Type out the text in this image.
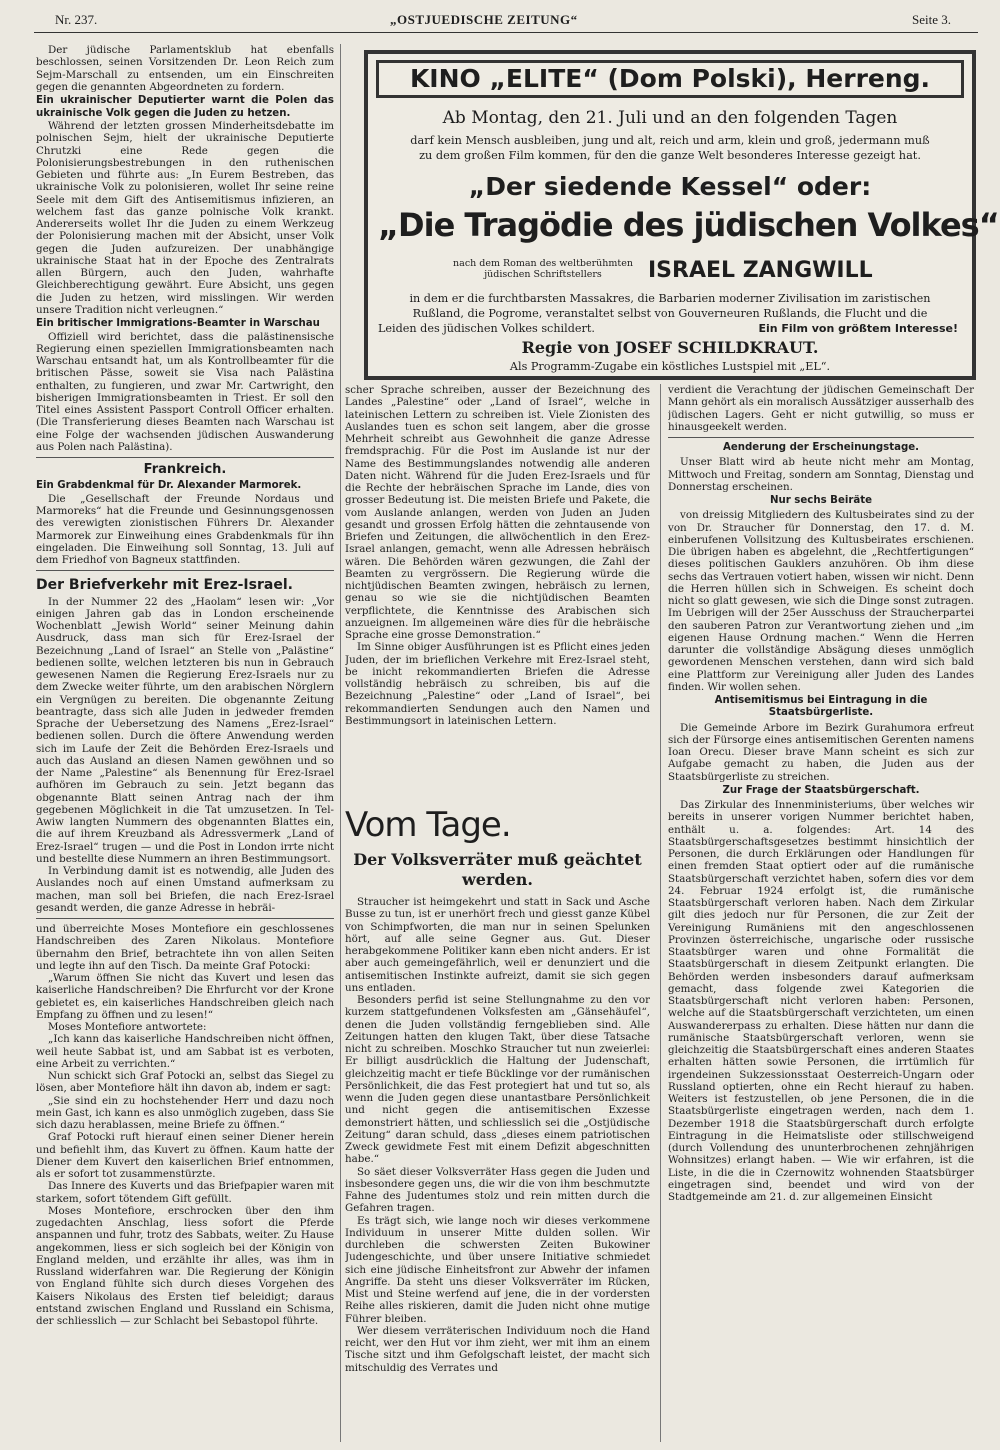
Nr. 237.	„OSTJUEDISCHE ZEITUNG“	Seite 3.
KINO „ELITE“ (Dom Polski), Herreng.
Ab Montag, den 21. Juli und an den folgenden Tagen
darf kein Mensch ausbleiben, jung und alt, reich und arm, klein und groß, jedermann muß
zu dem großen Film kommen, für den die ganze Welt besonderes Interesse gezeigt hat.
„Der siedende Kessel“ oder:
„Die Tragödie des jüdischen Volkes“
nach dem Roman des weltberühmten
jüdischen Schriftstellers	ISRAEL ZANGWILL
in dem er die furchtbarsten Massakres, die Barbarien moderner Zivilisation im zaristischen
Rußland, die Pogrome, veranstaltet selbst von Gouverneuren Rußlands, die Flucht und die
Leiden des jüdischen Volkes schildert.	Ein Film von größtem Interesse!
Regie von JOSEF SCHILDKRAUT.
Als Programm-Zugabe ein köstliches Lustspiel mit „EL“.

Der jüdische Parlamentsklub hat ebenfalls beschlossen, seinen Vorsitzenden Dr. Leon Reich zum Sejm-Marschall zu entsenden, um ein Einschreiten gegen die genannten Abgeordneten zu fordern.

Ein ukrainischer Deputierter warnt die Polen das ukrainische Volk gegen die Juden zu hetzen.

Während der letzten grossen Minderheitsdebatte im polnischen Sejm, hielt der ukrainische Deputierte Chrutzki eine Rede gegen die Polonisierungsbestrebungen in den ruthenischen Gebieten und führte aus: „In Eurem Bestreben, das ukrainische Volk zu polonisieren, wollet Ihr seine reine Seele mit dem Gift des Antisemitismus infizieren, an welchem fast das ganze polnische Volk krankt. Andererseits wollet Ihr die Juden zu einem Werkzeug der Polonisierung machen mit der Absicht, unser Volk gegen die Juden aufzureizen. Der unabhängige ukrainische Staat hat in der Epoche des Zentralrats allen Bürgern, auch den Juden, wahrhafte Gleichberechtigung gewährt. Eure Absicht, uns gegen die Juden zu hetzen, wird misslingen. Wir werden unsere Tradition nicht verleugnen.“

Ein britischer Immigrations-Beamter in Warschau

Offiziell wird berichtet, dass die palästinensische Regierung einen speziellen Immigrationsbeamten nach Warschau entsandt hat, um als Kontrollbeamter für die britischen Pässe, soweit sie Visa nach Palästina enthalten, zu fungieren, und zwar Mr. Cartwright, den bisherigen Immigrationsbeamten in Triest. Er soll den Titel eines Assistent Passport Controll Officer erhalten. (Die Transferierung dieses Beamten nach Warschau ist eine Folge der wachsenden jüdischen Auswanderung aus Polen nach Palästina).

Frankreich.
Ein Grabdenkmal für Dr. Alexander Marmorek.

Die „Gesellschaft der Freunde Nordaus und Marmoreks“ hat die Freunde und Gesinnungsgenossen des verewigten zionistischen Führers Dr. Alexander Marmorek zur Einweihung eines Grabdenkmals für ihn eingeladen. Die Einweihung soll Sonntag, 13. Juli auf dem Friedhof von Bagneux stattfinden.

Der Briefverkehr mit Erez-Israel.

In der Nummer 22 des „Haolam“ lesen wir: „Vor einigen Jahren gab das in London erscheinende Wochenblatt „Jewish World“ seiner Meinung dahin Ausdruck, dass man sich für Erez-Israel der Bezeichnung „Land of Israel“ an Stelle von „Palästine“ bedienen sollte, welchen letzteren bis nun in Gebrauch gewesenen Namen die Regierung Erez-Israels nur zu dem Zwecke weiter führte, um den arabischen Nörglern ein Vergnügen zu bereiten. Die obgenannte Zeitung beantragte, dass sich alle Juden in jedweder fremden Sprache der Uebersetzung des Namens „Erez-Israel“ bedienen sollen. Durch die öftere Anwendung werden sich im Laufe der Zeit die Behörden Erez-Israels und auch das Ausland an diesen Namen gewöhnen und so der Name „Palestine“ als Benennung für Erez-Israel aufhören im Gebrauch zu sein. Jetzt begann das obgenannte Blatt seinen Antrag nach der ihm gegebenen Möglichkeit in die Tat umzusetzen. In Tel-Awiw langten Nummern des obgenannten Blattes ein, die auf ihrem Kreuzband als Adressvermerk „Land of Erez-Israel“ trugen — und die Post in London irrte nicht und bestellte diese Nummern an ihren Bestimmungsort.

In Verbindung damit ist es notwendig, alle Juden des Auslandes noch auf einen Umstand aufmerksam zu machen, man soll bei Briefen, die nach Erez-Israel gesandt werden, die ganze Adresse in hebräi-

und überreichte Moses Montefiore ein geschlossenes Handschreiben des Zaren Nikolaus. Montefiore übernahm den Brief, betrachtete ihn von allen Seiten und legte ihn auf den Tisch. Da meinte Graf Potocki:

„Warum öffnen Sie nicht das Kuvert und lesen das kaiserliche Handschreiben? Die Ehrfurcht vor der Krone gebietet es, ein kaiserliches Handschreiben gleich nach Empfang zu öffnen und zu lesen!“

Moses Montefiore antwortete:

„Ich kann das kaiserliche Handschreiben nicht öffnen, weil heute Sabbat ist, und am Sabbat ist es verboten, eine Arbeit zu verrichten.“

Nun schickt sich Graf Potocki an, selbst das Siegel zu lösen, aber Montefiore hält ihn davon ab, indem er sagt:

„Sie sind ein zu hochstehender Herr und dazu noch mein Gast, ich kann es also unmöglich zugeben, dass Sie sich dazu herablassen, meine Briefe zu öffnen.“

Graf Potocki ruft hierauf einen seiner Diener herein und befiehlt ihm, das Kuvert zu öffnen. Kaum hatte der Diener dem Kuvert den kaiserlichen Brief entnommen, als er sofort tot zusammenstürzte.

Das Innere des Kuverts und das Briefpapier waren mit starkem, sofort tötendem Gift gefüllt.

Moses Montefiore, erschrocken über den ihm zugedachten Anschlag, liess sofort die Pferde anspannen und fuhr, trotz des Sabbats, weiter. Zu Hause angekommen, liess er sich sogleich bei der Königin von England melden, und erzählte ihr alles, was ihm in Russland widerfahren war. Die Regierung der Königin von England fühlte sich durch dieses Vorgehen des Kaisers Nikolaus des Ersten tief beleidigt; daraus entstand zwischen England und Russland ein Schisma, der schliesslich — zur Schlacht bei Sebastopol führte.

scher Sprache schreiben, ausser der Bezeichnung des Landes „Palestine“ oder „Land of Israel“, welche in lateinischen Lettern zu schreiben ist. Viele Zionisten des Auslandes tuen es schon seit langem, aber die grosse Mehrheit schreibt aus Gewohnheit die ganze Adresse fremdsprachig. Für die Post im Auslande ist nur der Name des Bestimmungslandes notwendig alle anderen Daten nicht. Während für die Juden Erez-Israels und für die Rechte der hebräischen Sprache im Lande, dies von grosser Bedeutung ist. Die meisten Briefe und Pakete, die vom Auslande anlangen, werden von Juden an Juden gesandt und grossen Erfolg hätten die zehntausende von Briefen und Zeitungen, die allwöchentlich in den Erez-Israel anlangen, gemacht, wenn alle Adressen hebräisch wären. Die Behörden wären gezwungen, die Zahl der Beamten zu vergrössern. Die Regierung würde die nichtjüdischen Beamten zwingen, hebräisch zu lernen, genau so wie sie die nichtjüdischen Beamten verpflichtete, die Kenntnisse des Arabischen sich anzueignen. Im allgemeinen wäre dies für die hebräische Sprache eine grosse Demonstration.“

Im Sinne obiger Ausführungen ist es Pflicht eines jeden Juden, der im brieflichen Verkehre mit Erez-Israel steht, be inicht rekommandierten Briefen die Adresse vollständig hebräisch zu schreiben, bis auf die Bezeichnung „Palestine“ oder „Land of Israel“, bei rekommandierten Sendungen auch den Namen und Bestimmungsort in lateinischen Lettern.

Vom Tage.
Der Volksverräter muß geächtet werden.

Straucher ist heimgekehrt und statt in Sack und Asche Busse zu tun, ist er unerhört frech und giesst ganze Kübel von Schimpfworten, die man nur in seinen Spelunken hört, auf alle seine Gegner aus. Gut. Dieser herabgekommene Politiker kann eben nicht anders. Er ist aber auch gemeingefährlich, weil er denunziert und die antisemitischen Instinkte aufreizt, damit sie sich gegen uns entladen.

Besonders perfid ist seine Stellungnahme zu den vor kurzem stattgefundenen Volksfesten am „Gänsehäufel“, denen die Juden vollständig ferngeblieben sind. Alle Zeitungen hatten den klugen Takt, über diese Tatsache nicht zu schreiben. Moschko Straucher tut nun zweierlei: Er billigt ausdrücklich die Haltung der Judenschaft, gleichzeitig macht er tiefe Bücklinge vor der rumänischen Persönlichkeit, die das Fest protegiert hat und tut so, als wenn die Juden gegen diese unantastbare Persönlichkeit und nicht gegen die antisemitischen Exzesse demonstriert hätten, und schliesslich sei die „Ostjüdische Zeitung“ daran schuld, dass „dieses einem patriotischen Zweck gewidmete Fest mit einem Defizit abgeschnitten habe.“

So säet dieser Volksverräter Hass gegen die Juden und insbesondere gegen uns, die wir die von ihm beschmutzte Fahne des Judentumes stolz und rein mitten durch die Gefahren tragen.

Es trägt sich, wie lange noch wir dieses verkommene Individuum in unserer Mitte dulden sollen. Wir durchleben die schwersten Zeiten Bukowiner Judengeschichte, und über unsere Initiative schmiedet sich eine jüdische Einheitsfront zur Abwehr der infamen Angriffe. Da steht uns dieser Volksverräter im Rücken, Mist und Steine werfend auf jene, die in der vordersten Reihe alles riskieren, damit die Juden nicht ohne mutige Führer bleiben.

Wer diesem verräterischen Individuum noch die Hand reicht, wer den Hut vor ihm zieht, wer mit ihm an einem Tische sitzt und ihm Gefolgschaft leistet, der macht sich mitschuldig des Verrates und

verdient die Verachtung der jüdischen Gemeinschaft Der Mann gehört als ein moralisch Aussätziger ausserhalb des jüdischen Lagers. Geht er nicht gutwillig, so muss er hinausgeekelt werden.

Aenderung der Erscheinungstage.

Unser Blatt wird ab heute nicht mehr am Montag, Mittwoch und Freitag, sondern am Sonntag, Dienstag und Donnerstag erscheinen.

Nur sechs Beiräte

von dreissig Mitgliedern des Kultusbeirates sind zu der von Dr. Straucher für Donnerstag, den 17. d. M. einberufenen Vollsitzung des Kultusbeirates erschienen. Die übrigen haben es abgelehnt, die „Rechtfertigungen“ dieses politischen Gauklers anzuhören. Ob ihm diese sechs das Vertrauen votiert haben, wissen wir nicht. Denn die Herren hüllen sich in Schweigen. Es scheint doch nicht so glatt gewesen, wie sich die Dinge sonst zutragen. Im Uebrigen will der 25er Ausschuss der Straucherpartei den sauberen Patron zur Verantwortung ziehen und „im eigenen Hause Ordnung machen.“ Wenn die Herren darunter die vollständige Absägung dieses unmöglich gewordenen Menschen verstehen, dann wird sich bald eine Plattform zur Vereinigung aller Juden des Landes finden. Wir wollen sehen.

Antisemitismus bei Eintragung in die Staatsbürgerliste.

Die Gemeinde Arbore im Bezirk Gurahumora erfreut sich der Fürsorge eines antisemitischen Gerenten namens Ioan Orecu. Dieser brave Mann scheint es sich zur Aufgabe gemacht zu haben, die Juden aus der Staatsbürgerliste zu streichen.

Zur Frage der Staatsbürgerschaft.

Das Zirkular des Innenministeriums, über welches wir bereits in unserer vorigen Nummer berichtet haben, enthält u. a. folgendes: Art. 14 des Staatsbürgerschaftsgesetzes bestimmt hinsichtlich der Personen, die durch Erklärungen oder Handlungen für einen fremden Staat optiert oder auf die rumänische Staatsbürgerschaft verzichtet haben, sofern dies vor dem 24. Februar 1924 erfolgt ist, die rumänische Staatsbürgerschaft verloren haben. Nach dem Zirkular gilt dies jedoch nur für Personen, die zur Zeit der Vereinigung Rumäniens mit den angeschlossenen Provinzen österreichische, ungarische oder russische Staatsbürger waren und ohne Formalität die Staatsbürgerschaft in diesem Zeitpunkt erlangten. Die Behörden werden insbesonders darauf aufmerksam gemacht, dass folgende zwei Kategorien die Staatsbürgerschaft nicht verloren haben: Personen, welche auf die Staatsbürgerschaft verzichteten, um einen Auswandererpass zu erhalten. Diese hätten nur dann die rumänische Staatsbürgerschaft verloren, wenn sie gleichzeitig die Staatsbürgerschaft eines anderen Staates erhalten hätten sowie Personen, die irrtümlich für irgendeinen Sukzessionsstaat Oesterreich-Ungarn oder Russland optierten, ohne ein Recht hierauf zu haben. Weiters ist festzustellen, ob jene Personen, die in die Staatsbürgerliste eingetragen werden, nach dem 1. Dezember 1918 die Staatsbürgerschaft durch erfolgte Eintragung in die Heimatsliste oder stillschweigend (durch Vollendung des ununterbrochenen zehnjährigen Wohnsitzes) erlangt haben. — Wie wir erfahren, ist die Liste, in die die in Czernowitz wohnenden Staatsbürger eingetragen sind, beendet und wird von der Stadtgemeinde am 21. d. zur allgemeinen Einsicht
